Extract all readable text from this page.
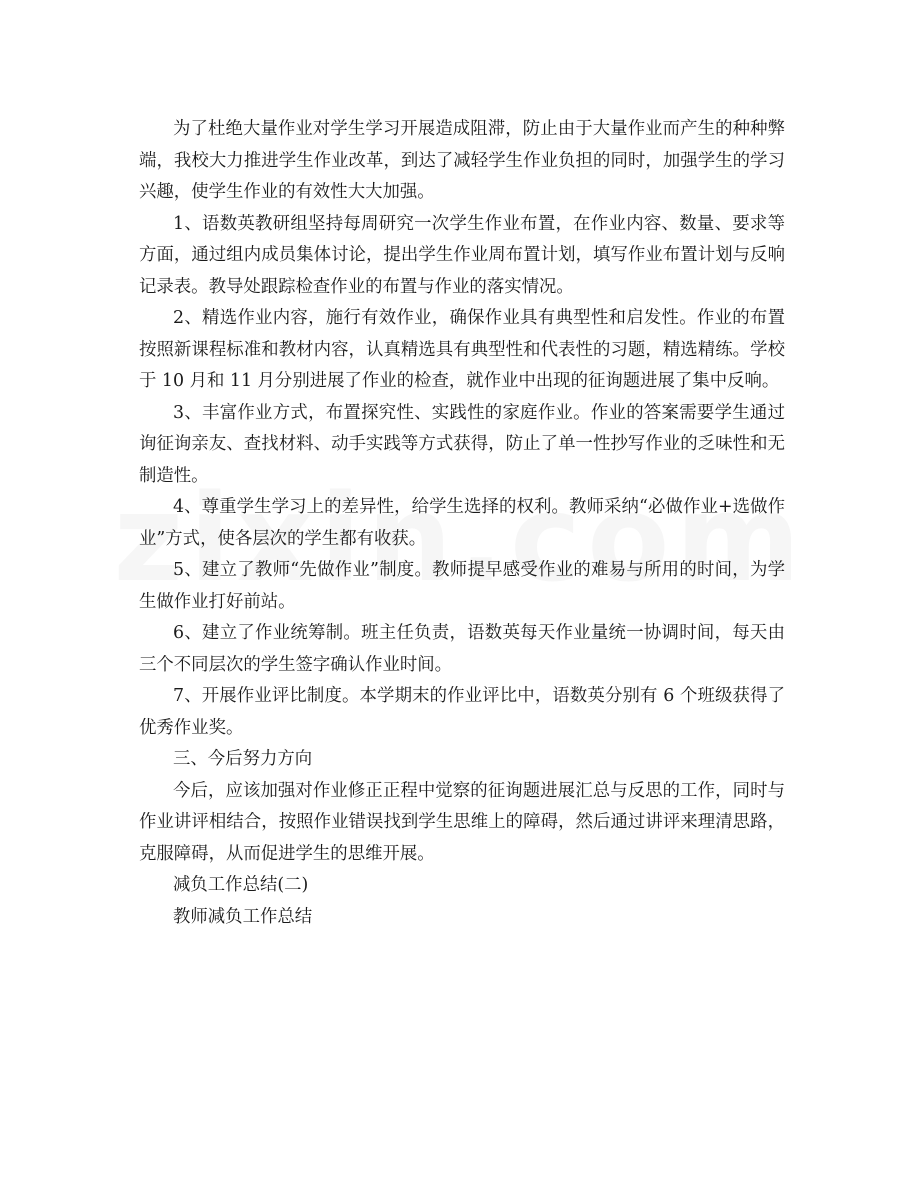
为了杜绝大量作业对学生学习开展造成阻滞，防止由于大量作业而产生的种种弊端，我校大力推进学生作业改革，到达了减轻学生作业负担的同时，加强学生的学习兴趣，使学生作业的有效性大大加强。

1、语数英教研组坚持每周研究一次学生作业布置，在作业内容、数量、要求等方面，通过组内成员集体讨论，提出学生作业周布置计划，填写作业布置计划与反响记录表。教导处跟踪检查作业的布置与作业的落实情况。

2、精选作业内容，施行有效作业，确保作业具有典型性和启发性。作业的布置按照新课程标准和教材内容，认真精选具有典型性和代表性的习题，精选精练。学校于 10 月和 11 月分别进展了作业的检查，就作业中出现的征询题进展了集中反响。

3、丰富作业方式，布置探究性、实践性的家庭作业。作业的答案需要学生通过询征询亲友、查找材料、动手实践等方式获得，防止了单一性抄写作业的乏味性和无制造性。

4、尊重学生学习上的差异性，给学生选择的权利。教师采纳“必做作业+选做作业”方式，使各层次的学生都有收获。

5、建立了教师“先做作业”制度。教师提早感受作业的难易与所用的时间，为学生做作业打好前站。

6、建立了作业统筹制。班主任负责，语数英每天作业量统一协调时间，每天由三个不同层次的学生签字确认作业时间。

7、开展作业评比制度。本学期末的作业评比中，语数英分别有 6 个班级获得了优秀作业奖。

三、今后努力方向

今后，应该加强对作业修正正程中觉察的征询题进展汇总与反思的工作，同时与作业讲评相结合，按照作业错误找到学生思维上的障碍，然后通过讲评来理清思路，克服障碍，从而促进学生的思维开展。

减负工作总结(二)

教师减负工作总结
